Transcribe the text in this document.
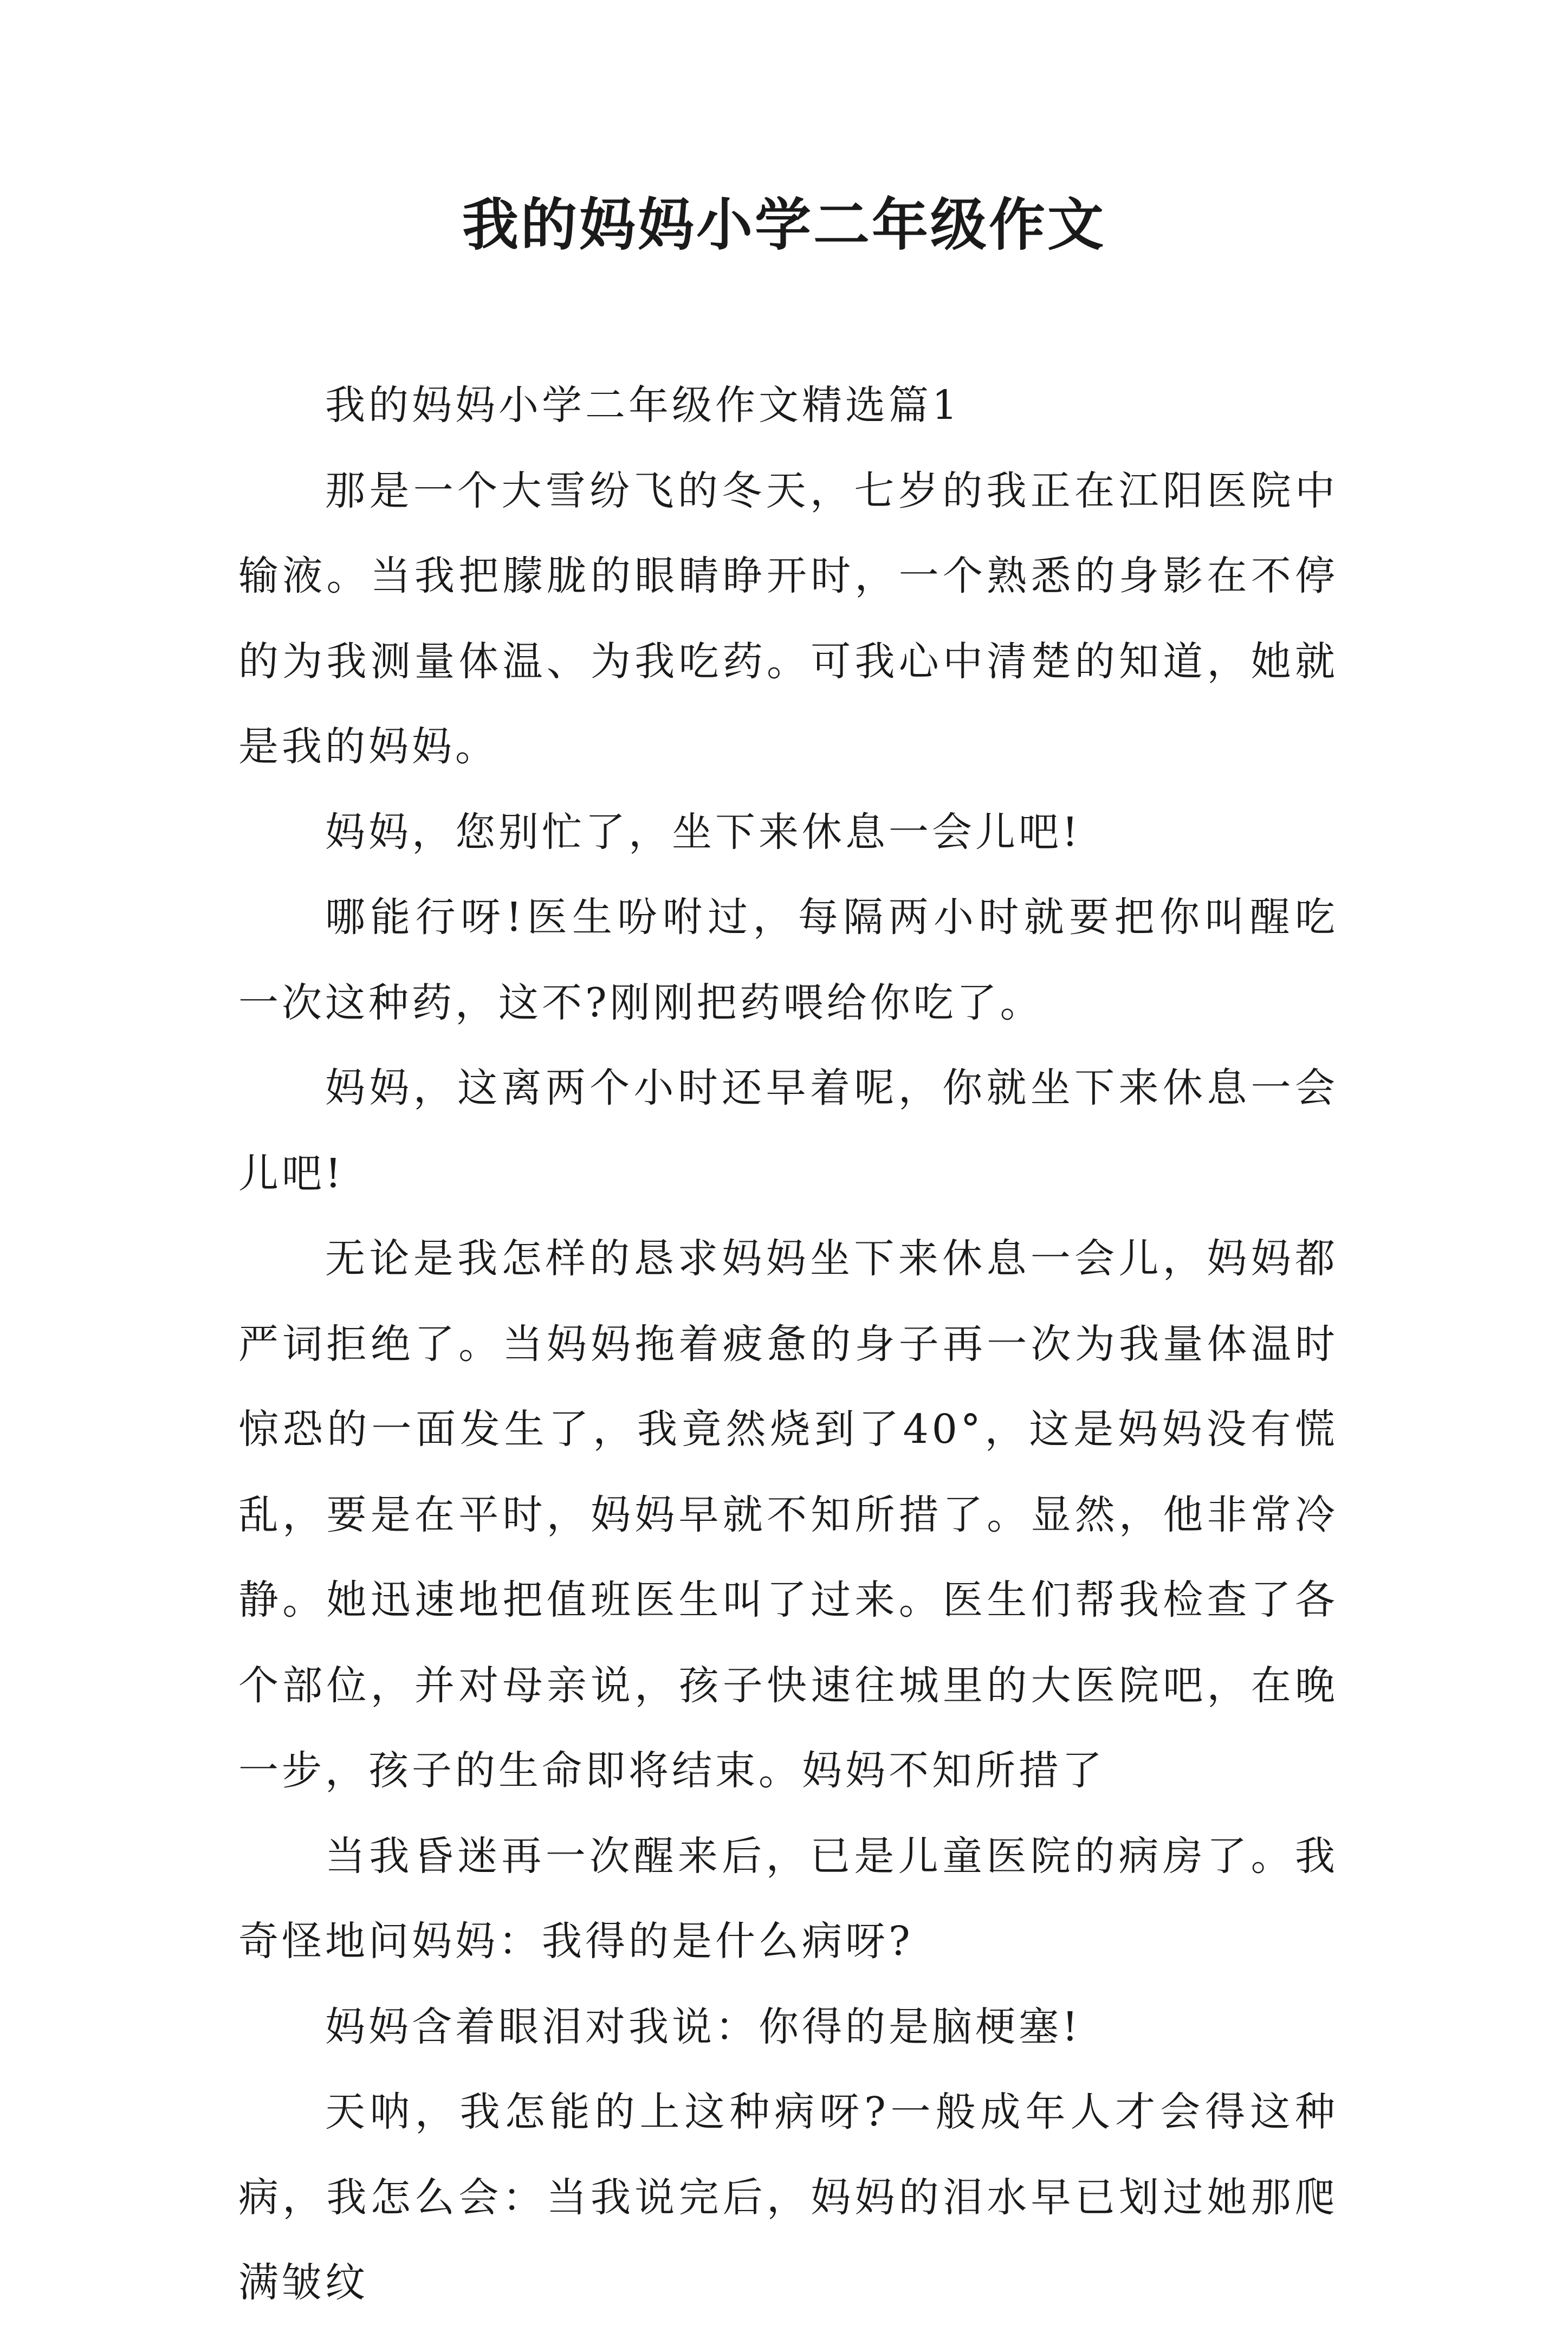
我的妈妈小学二年级作文

我的妈妈小学二年级作文精选篇1

那是一个大雪纷飞的冬天，七岁的我正在江阳医院中输液。当我把朦胧的眼睛睁开时，一个熟悉的身影在不停的为我测量体温、为我吃药。可我心中清楚的知道，她就是我的妈妈。

妈妈，您别忙了，坐下来休息一会儿吧!

哪能行呀!医生吩咐过，每隔两小时就要把你叫醒吃一次这种药，这不?刚刚把药喂给你吃了。

妈妈，这离两个小时还早着呢，你就坐下来休息一会儿吧!

无论是我怎样的恳求妈妈坐下来休息一会儿，妈妈都严词拒绝了。当妈妈拖着疲惫的身子再一次为我量体温时惊恐的一面发生了，我竟然烧到了40°，这是妈妈没有慌乱，要是在平时，妈妈早就不知所措了。显然，他非常冷静。她迅速地把值班医生叫了过来。医生们帮我检查了各个部位，并对母亲说，孩子快速往城里的大医院吧，在晚一步，孩子的生命即将结束。妈妈不知所措了

当我昏迷再一次醒来后，已是儿童医院的病房了。我奇怪地问妈妈：我得的是什么病呀?

妈妈含着眼泪对我说：你得的是脑梗塞!

天呐，我怎能的上这种病呀?一般成年人才会得这种病，我怎么会：当我说完后，妈妈的泪水早已划过她那爬满皱纹
